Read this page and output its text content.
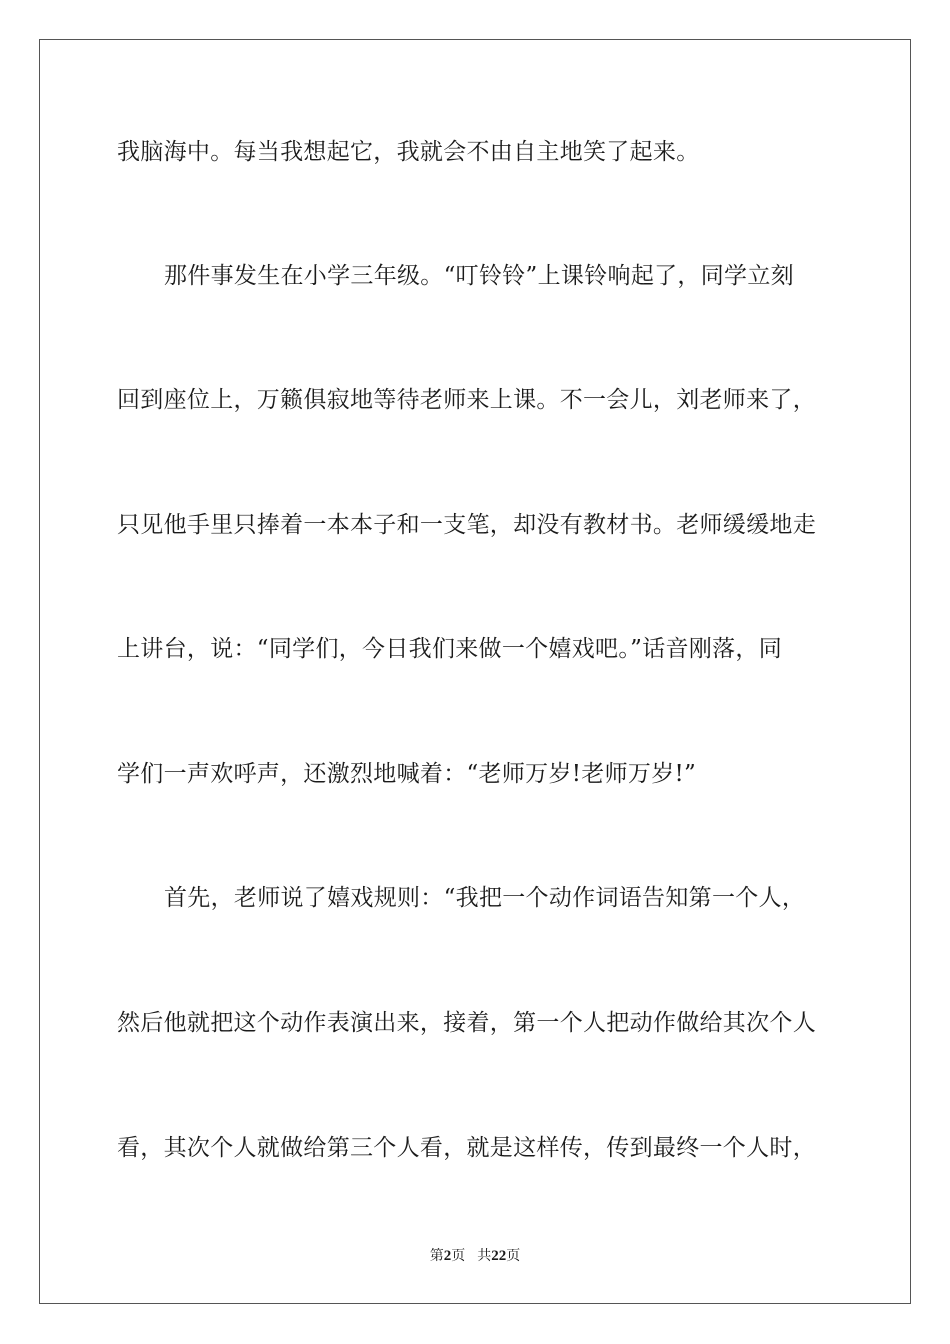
我脑海中。每当我想起它，我就会不由自主地笑了起来。
那件事发生在小学三年级。“叮铃铃”上课铃响起了，同学立刻
回到座位上，万籁俱寂地等待老师来上课。不一会儿，刘老师来了，
只见他手里只捧着一本本子和一支笔，却没有教材书。老师缓缓地走
上讲台，说：“同学们，今日我们来做一个嬉戏吧。”话音刚落，同
学们一声欢呼声，还激烈地喊着：“老师万岁!老师万岁!”
首先，老师说了嬉戏规则：“我把一个动作词语告知第一个人，
然后他就把这个动作表演出来，接着，第一个人把动作做给其次个人
看，其次个人就做给第三个人看，就是这样传，传到最终一个人时，
第2页 共22页
